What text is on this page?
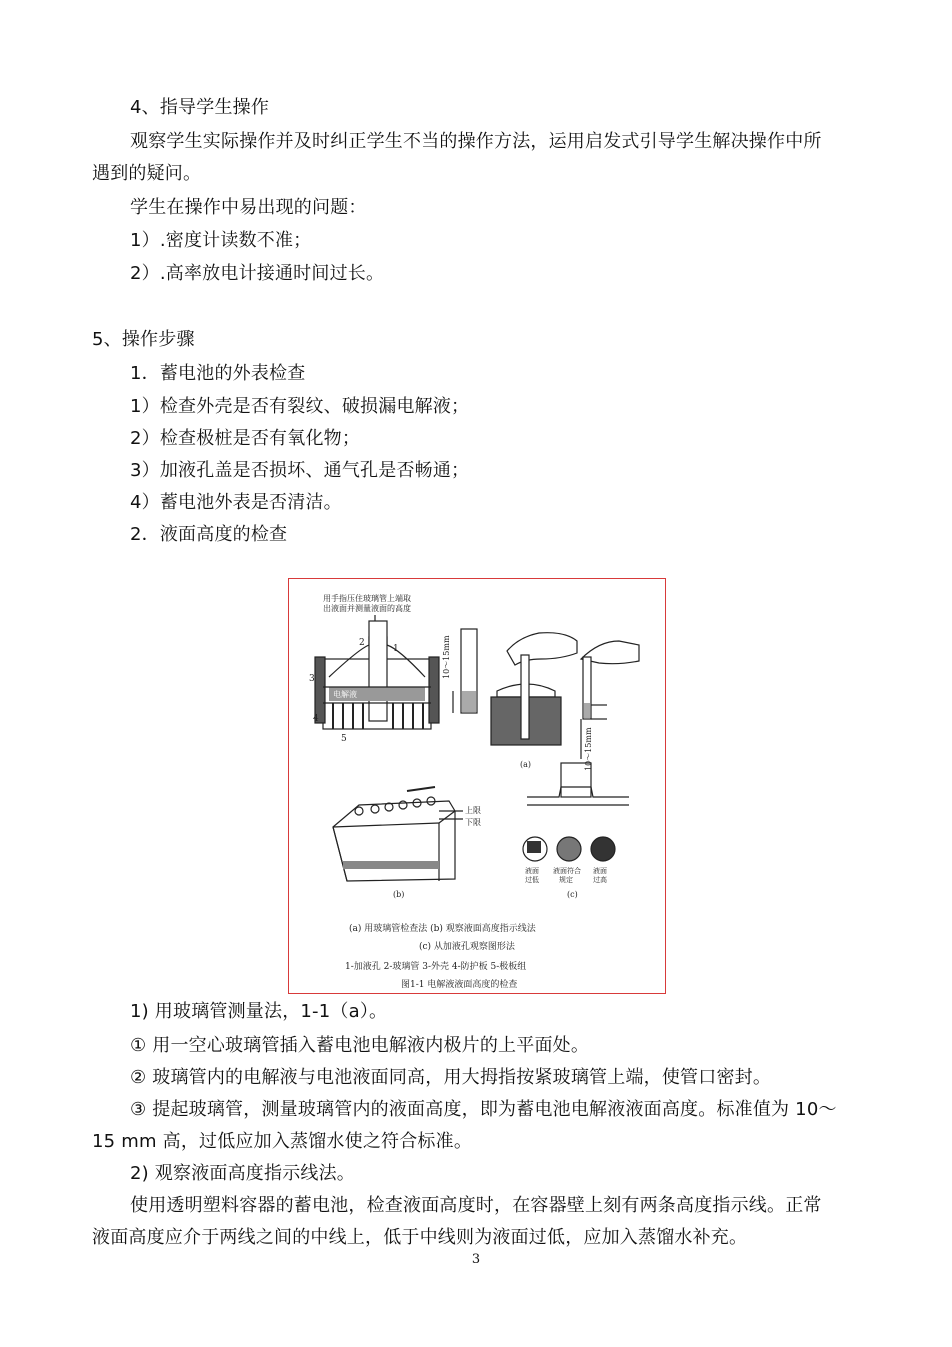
4、指导学生操作
观察学生实际操作并及时纠正学生不当的操作方法，运用启发式引导学生解决操作中所
遇到的疑问。
学生在操作中易出现的问题：
1）.密度计读数不准；
2）.高率放电计接通时间过长。
5、操作步骤
1．蓄电池的外表检查
1）检查外壳是否有裂纹、破损漏电解液；
2）检查极桩是否有氧化物；
3）加液孔盖是否损坏、通气孔是否畅通；
4）蓄电池外表是否清洁。
2．液面高度的检查
用手指压住玻璃管上端取
出液面并测量液面的高度
电解液
2
1
3
4
5
10～15mm
(a)	10～15mm
上限
下限
(b)
液面
过低
液面符合
规定
液面
过高
(c)
(a) 用玻璃管检查法 (b) 观察液面高度指示线法
(c) 从加液孔观察图形法
1-加液孔 2-玻璃管 3-外壳 4-防护板 5-极板组
图1-1 电解液液面高度的检查
1) 用玻璃管测量法，1-1（a）。
① 用一空心玻璃管插入蓄电池电解液内极片的上平面处。
② 玻璃管内的电解液与电池液面同高，用大拇指按紧玻璃管上端，使管口密封。
③ 提起玻璃管，测量玻璃管内的液面高度，即为蓄电池电解液液面高度。标准值为 10～
15 mm 高，过低应加入蒸馏水使之符合标准。
2) 观察液面高度指示线法。
使用透明塑料容器的蓄电池，检查液面高度时，在容器壁上刻有两条高度指示线。正常
液面高度应介于两线之间的中线上，低于中线则为液面过低，应加入蒸馏水补充。
3
